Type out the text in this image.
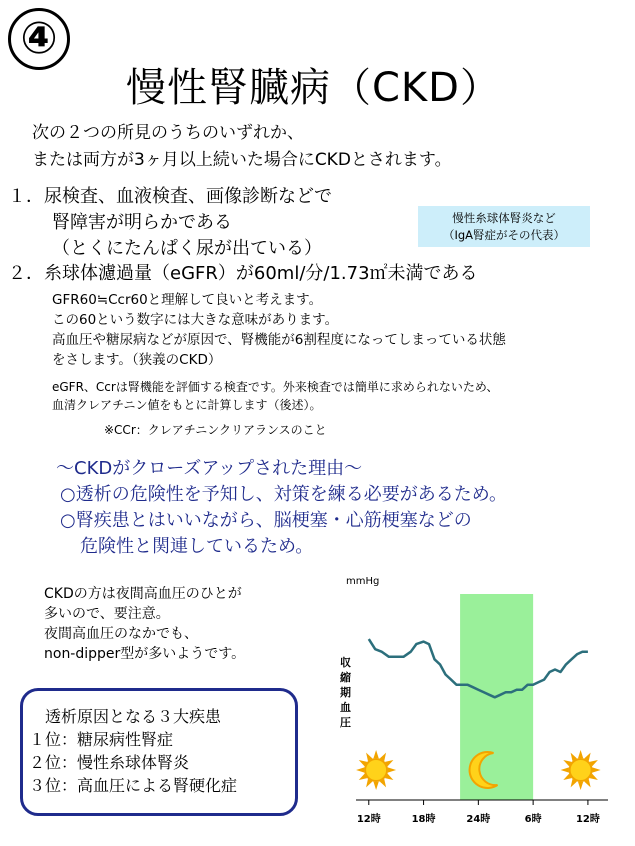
④
慢性腎臓病（CKD）
次の２つの所見のうちのいずれか、
または両方が3ヶ月以上続いた場合にCKDとされます。
１．尿検査、血液検査、画像診断などで
腎障害が明らかである
（とくにたんぱく尿が出ている）
慢性糸球体腎炎など
（IgA腎症がその代表）
２．糸球体濾過量（eGFR）が60ml/分/1.73㎡未満である
GFR60≒Ccr60と理解して良いと考えます。
この60という数字には大きな意味があります。
高血圧や糖尿病などが原因で、腎機能が6割程度になってしまっている状態
をさします。（狭義のCKD）
eGFR、Ccrは腎機能を評価する検査です。外来検査では簡単に求められないため、
血清クレアチニン値をもとに計算します（後述）。
※CCr：クレアチニンクリアランスのこと
～CKDがクローズアップされた理由～
○透析の危険性を予知し、対策を練る必要があるため。
○腎疾患とはいいながら、脳梗塞・心筋梗塞などの
危険性と関連しているため。
CKDの方は夜間高血圧のひとが
多いので、要注意。
夜間高血圧のなかでも、
non-dipper型が多いようです。
透析原因となる３大疾患
１位：糖尿病性腎症
２位：慢性糸球体腎炎
３位：高血圧による腎硬化症
mmHg
収
縮
期
血
圧
12時	18時	24時	6時	12時
